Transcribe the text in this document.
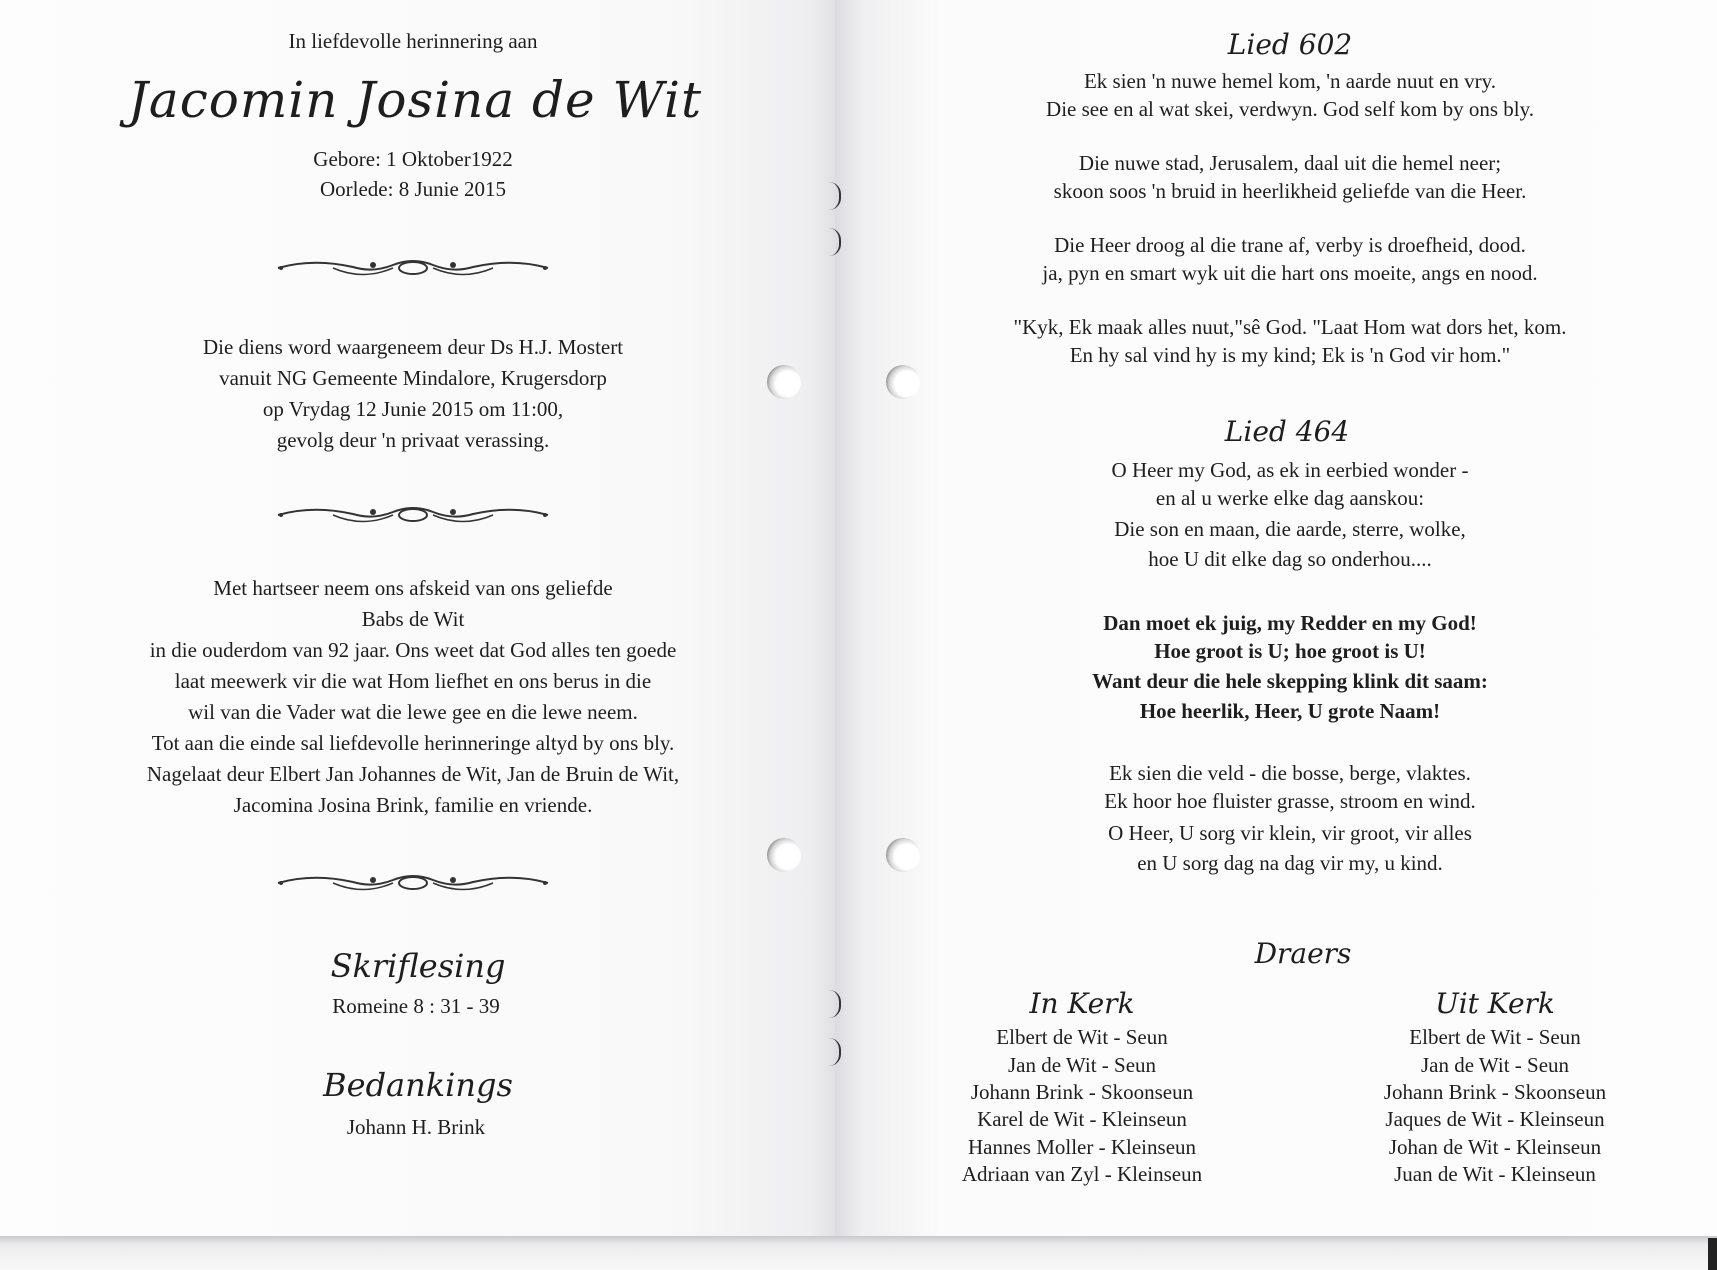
In liefdevolle herinnering aan
Jacomin Josina de Wit
Gebore: 1 Oktober1922
Oorlede: 8 Junie 2015
Die diens word waargeneem deur Ds H.J. Mostert
vanuit NG Gemeente Mindalore, Krugersdorp
op Vrydag 12 Junie 2015 om 11:00,
gevolg deur 'n privaat verassing.
Met hartseer neem ons afskeid van ons geliefde
Babs de Wit
in die ouderdom van 92 jaar. Ons weet dat God alles ten goede
laat meewerk vir die wat Hom liefhet en ons berus in die
wil van die Vader wat die lewe gee en die lewe neem.
Tot aan die einde sal liefdevolle herinneringe altyd by ons bly.
Nagelaat deur Elbert Jan Johannes de Wit, Jan de Bruin de Wit,
Jacomina Josina Brink, familie en vriende.
Skriflesing
Romeine 8 : 31 - 39
Bedankings
Johann H. Brink
Lied 602
Ek sien 'n nuwe hemel kom, 'n aarde nuut en vry.
Die see en al wat skei, verdwyn. God self kom by ons bly.
Die nuwe stad, Jerusalem, daal uit die hemel neer;
skoon soos 'n bruid in heerlikheid geliefde van die Heer.
Die Heer droog al die trane af, verby is droefheid, dood.
ja, pyn en smart wyk uit die hart ons moeite, angs en nood.
"Kyk, Ek maak alles nuut,"sê God. "Laat Hom wat dors het, kom.
En hy sal vind hy is my kind; Ek is 'n God vir hom."
Lied 464
O Heer my God, as ek in eerbied wonder -
en al u werke elke dag aanskou:
Die son en maan, die aarde, sterre, wolke,
hoe U dit elke dag so onderhou....
Dan moet ek juig, my Redder en my God!
Hoe groot is U; hoe groot is U!
Want deur die hele skepping klink dit saam:
Hoe heerlik, Heer, U grote Naam!
Ek sien die veld - die bosse, berge, vlaktes.
Ek hoor hoe fluister grasse, stroom en wind.
O Heer, U sorg vir klein, vir groot, vir alles
en U sorg dag na dag vir my, u kind.
Draers
In Kerk
Elbert de Wit - Seun
Jan de Wit - Seun
Johann Brink - Skoonseun
Karel de Wit - Kleinseun
Hannes Moller - Kleinseun
Adriaan van Zyl - Kleinseun
Uit Kerk
Elbert de Wit - Seun
Jan de Wit - Seun
Johann Brink - Skoonseun
Jaques de Wit - Kleinseun
Johan de Wit - Kleinseun
Juan de Wit - Kleinseun
